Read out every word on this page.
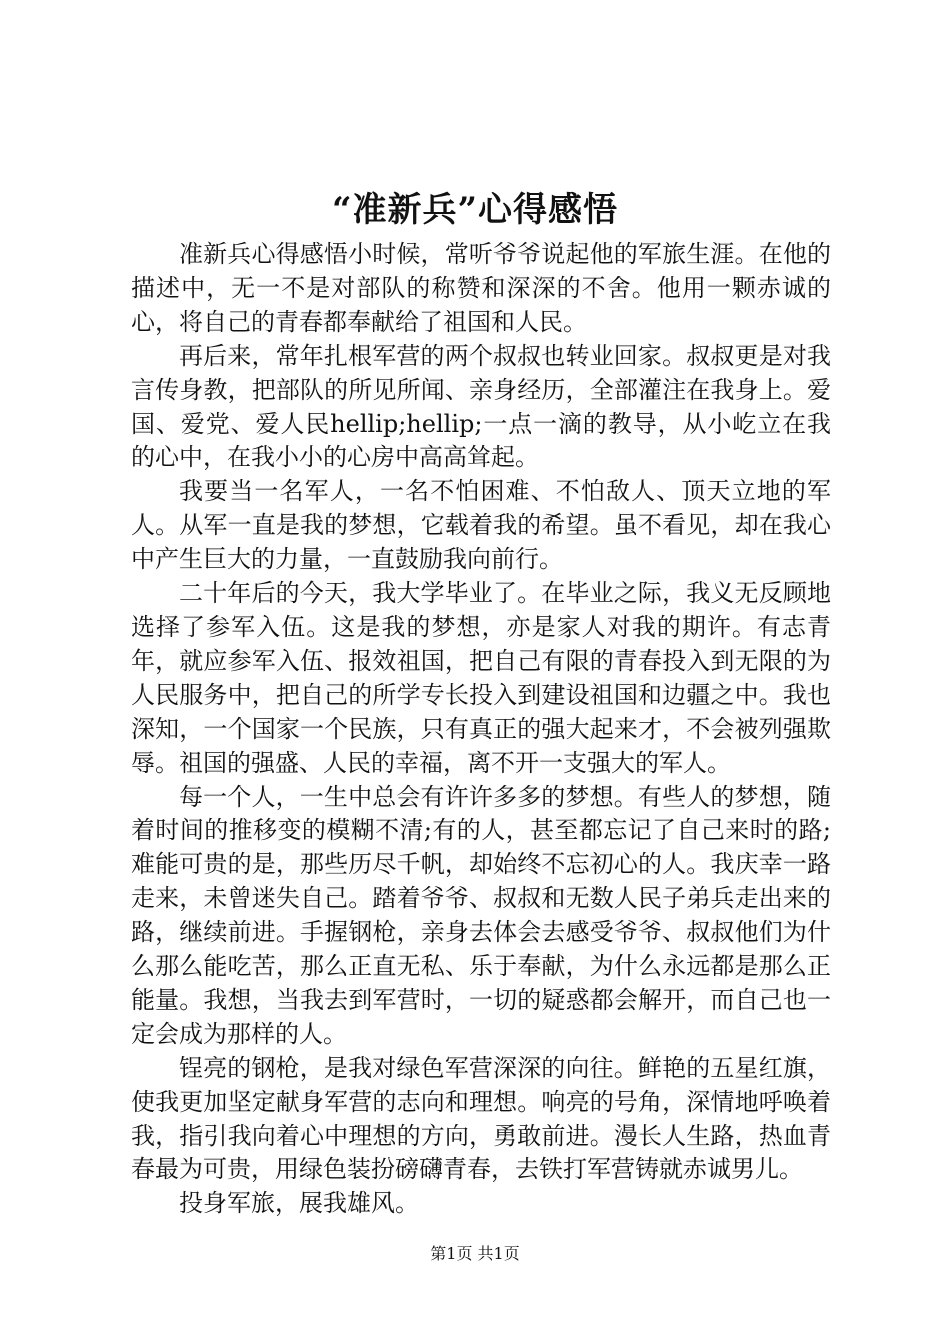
“准新兵”心得感悟

准新兵心得感悟小时候，常听爷爷说起他的军旅生涯。在他的描述中，无一不是对部队的称赞和深深的不舍。他用一颗赤诚的心，将自己的青春都奉献给了祖国和人民。

再后来，常年扎根军营的两个叔叔也转业回家。叔叔更是对我言传身教，把部队的所见所闻、亲身经历，全部灌注在我身上。爱国、爱党、爱人民hellip;hellip;一点一滴的教导，从小屹立在我的心中，在我小小的心房中高高耸起。

我要当一名军人，一名不怕困难、不怕敌人、顶天立地的军人。从军一直是我的梦想，它载着我的希望。虽不看见，却在我心中产生巨大的力量，一直鼓励我向前行。

二十年后的今天，我大学毕业了。在毕业之际，我义无反顾地选择了参军入伍。这是我的梦想，亦是家人对我的期许。有志青年，就应参军入伍、报效祖国，把自己有限的青春投入到无限的为人民服务中，把自己的所学专长投入到建设祖国和边疆之中。我也深知，一个国家一个民族，只有真正的强大起来才，不会被列强欺辱。祖国的强盛、人民的幸福，离不开一支强大的军人。

每一个人，一生中总会有许许多多的梦想。有些人的梦想，随着时间的推移变的模糊不清;有的人，甚至都忘记了自己来时的路;难能可贵的是，那些历尽千帆，却始终不忘初心的人。我庆幸一路走来，未曾迷失自己。踏着爷爷、叔叔和无数人民子弟兵走出来的路，继续前进。手握钢枪，亲身去体会去感受爷爷、叔叔他们为什么那么能吃苦，那么正直无私、乐于奉献，为什么永远都是那么正能量。我想，当我去到军营时，一切的疑惑都会解开，而自己也一定会成为那样的人。

锃亮的钢枪，是我对绿色军营深深的向往。鲜艳的五星红旗，使我更加坚定献身军营的志向和理想。响亮的号角，深情地呼唤着我，指引我向着心中理想的方向，勇敢前进。漫长人生路，热血青春最为可贵，用绿色装扮磅礴青春，去铁打军营铸就赤诚男儿。

投身军旅，展我雄风。

第1页 共1页
